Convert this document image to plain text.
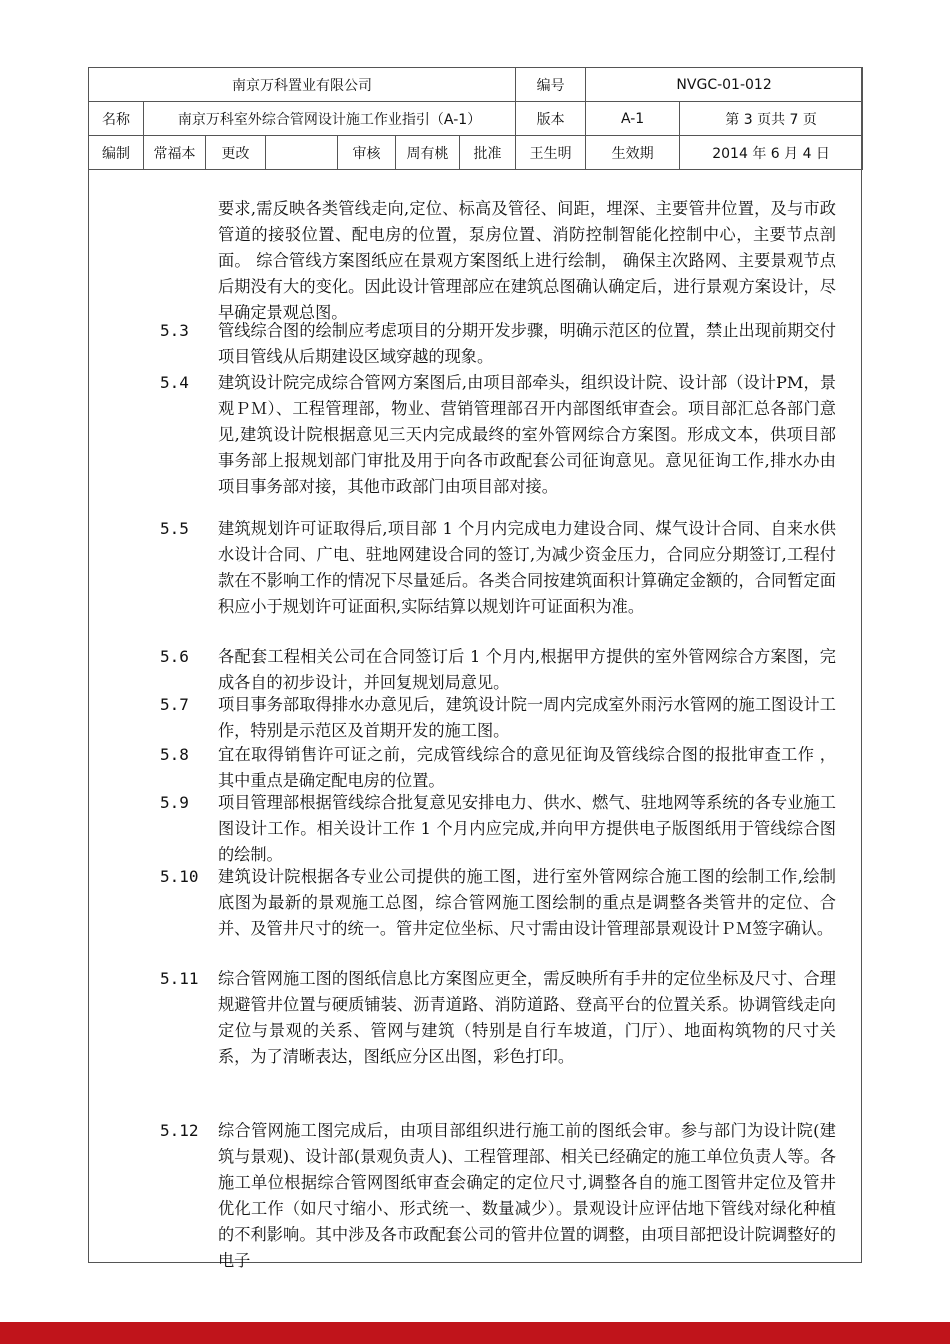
南京万科置业有限公司							编号	NVGC-01-012	
名称	南京万科室外综合管网设计施工作业指引（A-1）						版本	A-1	第 3 页共 7 页
编制	常福本	更改		审核	周有桃	批准	王生明	生效期	2014 年 6 月 4 日
要求,需反映各类管线走向,定位、标高及管径、间距，埋深、主要管井位置，及与市政管道的接驳位置、配电房的位置，泵房位置、消防控制智能化控制中心，主要节点剖面。 综合管线方案图纸应在景观方案图纸上进行绘制， 确保主次路网、主要景观节点后期没有大的变化。因此设计管理部应在建筑总图确认确定后，进行景观方案设计，尽早确定景观总图。
5.3	管线综合图的绘制应考虑项目的分期开发步骤，明确示范区的位置，禁止出现前期交付项目管线从后期建设区域穿越的现象。
5.4	建筑设计院完成综合管网方案图后,由项目部牵头，组织设计院、设计部（设计PM，景观ＰＭ）、工程管理部，物业、营销管理部召开内部图纸审查会。项目部汇总各部门意见,建筑设计院根据意见三天内完成最终的室外管网综合方案图。形成文本，供项目部事务部上报规划部门审批及用于向各市政配套公司征询意见。意见征询工作,排水办由项目事务部对接，其他市政部门由项目部对接。
5.5	建筑规划许可证取得后,项目部 1 个月内完成电力建设合同、煤气设计合同、自来水供水设计合同、广电、驻地网建设合同的签订,为减少资金压力，合同应分期签订,工程付款在不影响工作的情况下尽量延后。各类合同按建筑面积计算确定金额的，合同暂定面积应小于规划许可证面积,实际结算以规划许可证面积为准。
5.6	各配套工程相关公司在合同签订后 1 个月内,根据甲方提供的室外管网综合方案图，完成各自的初步设计，并回复规划局意见。
5.7	项目事务部取得排水办意见后，建筑设计院一周内完成室外雨污水管网的施工图设计工作，特别是示范区及首期开发的施工图。
5.8	宜在取得销售许可证之前，完成管线综合的意见征询及管线综合图的报批审查工作 ，其中重点是确定配电房的位置。
5.9	项目管理部根据管线综合批复意见安排电力、供水、燃气、驻地网等系统的各专业施工图设计工作。相关设计工作 1 个月内应完成,并向甲方提供电子版图纸用于管线综合图的绘制。
5.10	建筑设计院根据各专业公司提供的施工图，进行室外管网综合施工图的绘制工作,绘制底图为最新的景观施工总图，综合管网施工图绘制的重点是调整各类管井的定位、合并、及管井尺寸的统一。管井定位坐标、尺寸需由设计管理部景观设计ＰＭ签字确认。
5.11	综合管网施工图的图纸信息比方案图应更全，需反映所有手井的定位坐标及尺寸、合理规避管井位置与硬质铺装、沥青道路、消防道路、登高平台的位置关系。协调管线走向定位与景观的关系、管网与建筑（特别是自行车坡道，门厅）、地面构筑物的尺寸关系，为了清晰表达，图纸应分区出图，彩色打印。
5.12	综合管网施工图完成后，由项目部组织进行施工前的图纸会审。参与部门为设计院(建筑与景观)、设计部(景观负责人)、工程管理部、相关已经确定的施工单位负责人等。各施工单位根据综合管网图纸审查会确定的定位尺寸,调整各自的施工图管井定位及管井优化工作（如尺寸缩小、形式统一、数量减少）。景观设计应评估地下管线对绿化种植的不利影响。其中涉及各市政配套公司的管井位置的调整，由项目部把设计院调整好的电子
